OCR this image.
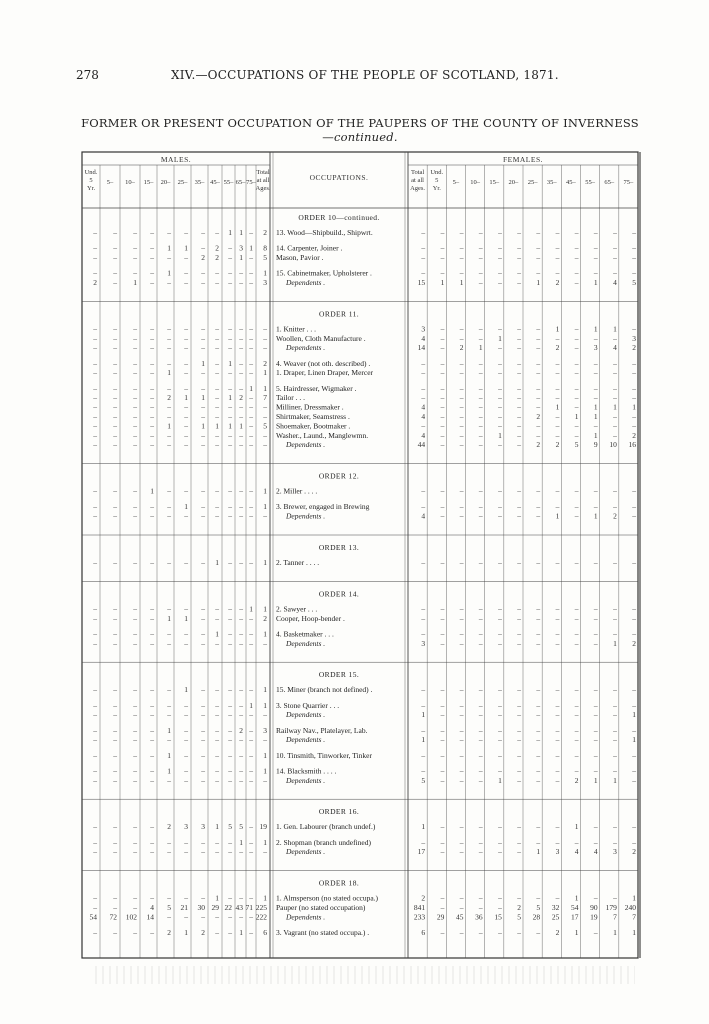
278	XIV.—OCCUPATIONS OF THE PEOPLE OF SCOTLAND, 1871.
FORMER OR PRESENT OCCUPATION OF THE PAUPERS OF THE COUNTY OF INVERNESS—continued.
MALES.	FEMALES.
OCCUPATIONS.
Und. 5 Yr.
5– 10– 15– 20– 25– 35– 45– 55– 65– 75–
Total at all Ages.
Total at all Ages.
Und. 5 Yr.
5– 10– 15– 20– 25– 35– 45– 55– 65– 75–
ORDER 10—continued.
– – – – – – – – 1 1 – 2 13. Wood—Shipbuild., Shipwrt.	– – – – – – – – – – – –
– – – – 1 1 – 2 – 3 1 8 14. Carpenter, Joiner .	– – – – – – – – – – – –
– – – – – – 2 2 – 1 – 5 Mason, Pavior .	– – – – – – – – – – – –
– – – – 1 – – – – – – 1 15. Cabinetmaker, Upholsterer .	– – – – – – – – – – – –
2 – 1 – – – – – – – – 3	Dependents .	15 1 1 – – – 1 2 – 1 4 5
ORDER 11.
– – – – – – – – – – – – 1. Knitter . . .	3 – – – – – – 1 – 1 1 –
– – – – – – – – – – – – Woollen, Cloth Manufacture .	4 – – – 1 – – – – – – 3
– – – – – – – – – – – –	Dependents .	14 – 2 1 – – – 2 – 3 4 2
– – – – – – 1 – 1 – – 2 4. Weaver (not oth. described) .	– – – – – – – – – – – –
– – – – 1 – – – – – – 1 1. Draper, Linen Draper, Mercer	– – – – – – – – – – – –
– – – – – – – – – – 1 1 5. Hairdresser, Wigmaker .	– – – – – – – – – – – –
– – – – 2 1 1 – 1 2 – 7 Tailor . . .	– – – – – – – – – – – –
– – – – – – – – – – – – Milliner, Dressmaker .	4 – – – – – – 1 – 1 1 1
– – – – – – – – – – – – Shirtmaker, Seamstress .	4 – – – – – 2 – 1 1 – –
– – – – 1 – 1 1 1 1 – 5 Shoemaker, Bootmaker .	– – – – – – – – – – – –
– – – – – – – – – – – – Washer., Laund., Manglewmn.	4 – – – 1 – – – – 1 – 2
– – – – – – – – – – – –	Dependents .	44 – – – – – 2 2 5 9 10 16
ORDER 12.
– – – 1 – – – – – – – 1 2. Miller . . . .	– – – – – – – – – – – –
– – – – – 1 – – – – – 1 3. Brewer, engaged in Brewing	– – – – – – – – – – – –
– – – – – – – – – – – –	Dependents .	4 – – – – – – 1 – 1 2 –
ORDER 13.
– – – – – – – 1 – – – 1 2. Tanner . . . .	– – – – – – – – – – – –
ORDER 14.
– – – – – – – – – – 1 1 2. Sawyer . . .	– – – – – – – – – – – –
– – – – 1 1 – – – – – 2 Cooper, Hoop-bender .	– – – – – – – – – – – –
– – – – – – – 1 – – – 1 4. Basketmaker . . .	– – – – – – – – – – – –
– – – – – – – – – – – –	Dependents .	3 – – – – – – – – – 1 2
ORDER 15.
– – – – – 1 – – – – – 1 15. Miner (branch not defined) .	– – – – – – – – – – – –
– – – – – – – – – – 1 1 3. Stone Quarrier . . .	– – – – – – – – – – – –
– – – – – – – – – – – –	Dependents .	1 – – – – – – – – – – 1
– – – – 1 – – – – 2 – 3 Railway Nav., Platelayer, Lab.	– – – – – – – – – – – –
– – – – – – – – – – – –	Dependents .	1 – – – – – – – – – – 1
– – – – 1 – – – – – – 1 10. Tinsmith, Tinworker, Tinker	– – – – – – – – – – – –
– – – – 1 – – – – – – 1 14. Blacksmith . . . .	– – – – – – – – – – – –
– – – – – – – – – – – –	Dependents .	5 – – – 1 – – – 2 1 1 –
ORDER 16.
– – – – 2 3 3 1 5 5 – 19 1. Gen. Labourer (branch undef.)	1 – – – – – – – 1 – – –
– – – – – – – – – 1 – 1 2. Shopman (branch undefined)	– – – – – – – – – – – –
– – – – – – – – – – – –	Dependents .	17 – – – – – 1 3 4 4 3 2
ORDER 18.
– – – – – – – 1 – – – 1 1. Almsperson (no stated occupa.)	2 – – – – – – – 1 – – 1
– – – 4 5 21 30 29 22 43 71 225 Pauper (no stated occupation)	841 – – – – 2 5 32 54 90 179 240
54 72 102 14 – – – – – – – 222	Dependents .	233 29 45 36 15 5 28 25 17 19 7 7
– – – – 2 1 2 – – 1 – 6 3. Vagrant (no stated occupa.) .	6 – – – – – – 2 1 – 1 1
